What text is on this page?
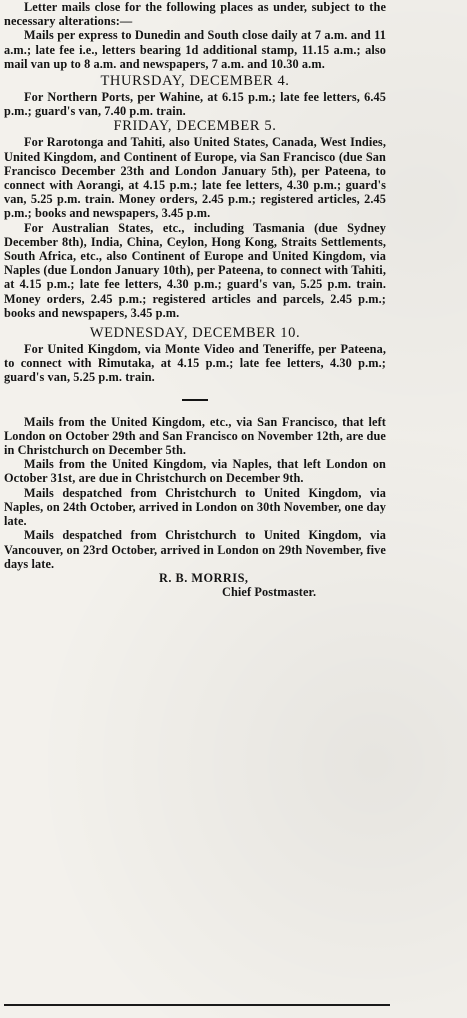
Letter mails close for the following places as under, subject to the necessary alterations:—

Mails per express to Dunedin and South close daily at 7 a.m. and 11 a.m.; late fee i.e., letters bearing 1d additional stamp, 11.15 a.m.; also mail van up to 8 a.m. and newspapers, 7 a.m. and 10.30 a.m.

THURSDAY, DECEMBER 4.

For Northern Ports, per Wahine, at 6.15 p.m.; late fee letters, 6.45 p.m.; guard's van, 7.40 p.m. train.

FRIDAY, DECEMBER 5.

For Rarotonga and Tahiti, also United States, Canada, West Indies, United Kingdom, and Continent of Europe, via San Francisco (due San Francisco December 23th and London January 5th), per Pateena, to connect with Aorangi, at 4.15 p.m.; late fee letters, 4.30 p.m.; guard's van, 5.25 p.m. train. Money orders, 2.45 p.m.; registered articles, 2.45 p.m.; books and newspapers, 3.45 p.m.

For Australian States, etc., including Tasmania (due Sydney December 8th), India, China, Ceylon, Hong Kong, Straits Settlements, South Africa, etc., also Continent of Europe and United Kingdom, via Naples (due London January 10th), per Pateena, to connect with Tahiti, at 4.15 p.m.; late fee letters, 4.30 p.m.; guard's van, 5.25 p.m. train. Money orders, 2.45 p.m.; registered articles and parcels, 2.45 p.m.; books and newspapers, 3.45 p.m.

WEDNESDAY, DECEMBER 10.

For United Kingdom, via Monte Video and Teneriffe, per Pateena, to connect with Rimutaka, at 4.15 p.m.; late fee letters, 4.30 p.m.; guard's van, 5.25 p.m. train.

Mails from the United Kingdom, etc., via San Francisco, that left London on October 29th and San Francisco on November 12th, are due in Christchurch on December 5th.

Mails from the United Kingdom, via Naples, that left London on October 31st, are due in Christchurch on December 9th.

Mails despatched from Christchurch to United Kingdom, via Naples, on 24th October, arrived in London on 30th November, one day late.

Mails despatched from Christchurch to United Kingdom, via Vancouver, on 23rd October, arrived in London on 29th November, five days late.

R. B. MORRIS,
Chief Postmaster.
